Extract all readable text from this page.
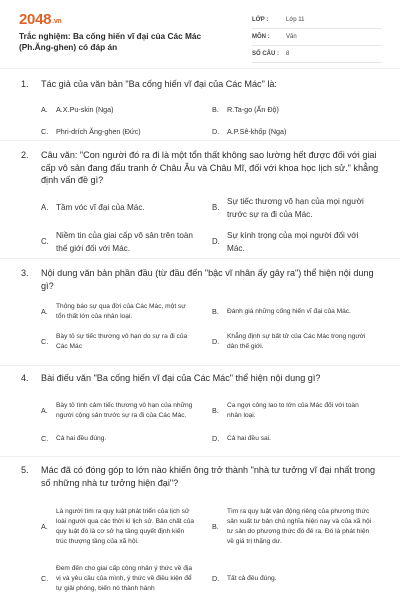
2048.vn
Trắc nghiệm: Ba cống hiến vĩ đại của Các Mác (Ph.Ăng-ghen) có đáp án
LỚP :	Lớp 11
MÔN :	Văn
SỐ CÂU : 8
1. Tác giả của văn bản "Ba cống hiến vĩ đại của Các Mác" là:
A. A.X.Pu-skin (Nga)	B. R.Ta-go (Ấn Độ)
C. Phri-drích Ăng-ghen (Đức)	D. A.P.Sê-khốp (Nga)
2. Câu văn: "Con người đó ra đi là một tổn thất không sao lường hết được đối với giai cấp vô sản đang đấu tranh ở Châu Âu và Châu Mĩ, đối với khoa học lịch sử." khẳng định vấn đề gì?
A. Tầm vóc vĩ đại của Mác.	B.
Sự tiếc thương vô hạn của mọi người trước sự ra đi của Mác.
C.
Niềm tin của giai cấp vô sản trên toàn thế giới đối với Mác.
D.
Sự kính trọng của mọi người đối với Mác.
3. Nội dung văn bản phần đầu (từ đầu đến "bậc vĩ nhân ấy gây ra") thể hiện nội dung gì?
A.
Thông báo sự qua đời của Các Mác, một sự tổn thất lớn của nhân loại.
B. Đánh giá những cống hiến vĩ đại của Mác.
C.
Bày tỏ sự tiếc thương vô hạn do sự ra đi của Các Mác
D.
Khẳng định sự bất tử của Các Mác trong người dân thế giới.
4. Bài điếu văn "Ba cống hiến vĩ đại của Các Mác" thể hiện nội dung gì?
A.
Bày tỏ tình cảm tiếc thương vô hạn của những người cộng sản trước sự ra đi của Các Mác.
B.
Ca ngợi công lao to lớn của Mác đối với toàn nhân loại.
C. Cả hai đều đúng.	D. Cả hai đều sai.
5. Mác đã có đóng góp to lớn nào khiến ông trở thành "nhà tư tưởng vĩ đại nhất trong số những nhà tư tưởng hiện đại"?
A.
Là người tìm ra quy luật phát triển của lịch sử loài người qua các thời kì lịch sử. Bản chất của quy luật đó là cơ sở hạ tầng quyết định kiến trúc thượng tầng của xã hội.
B.
Tìm ra quy luật vận động riêng của phương thức sản xuất tư bản chủ nghĩa hiện nay và của xã hội tư sản do phương thức đó đẻ ra. Đó là phát hiện về giá trị thặng dư.
C.
Đem đến cho giai cấp công nhân ý thức về địa vị và yêu cầu của mình, ý thức về điều kiện để tự giải phóng, biến nó thành hành
D. Tất cả đều đúng.
